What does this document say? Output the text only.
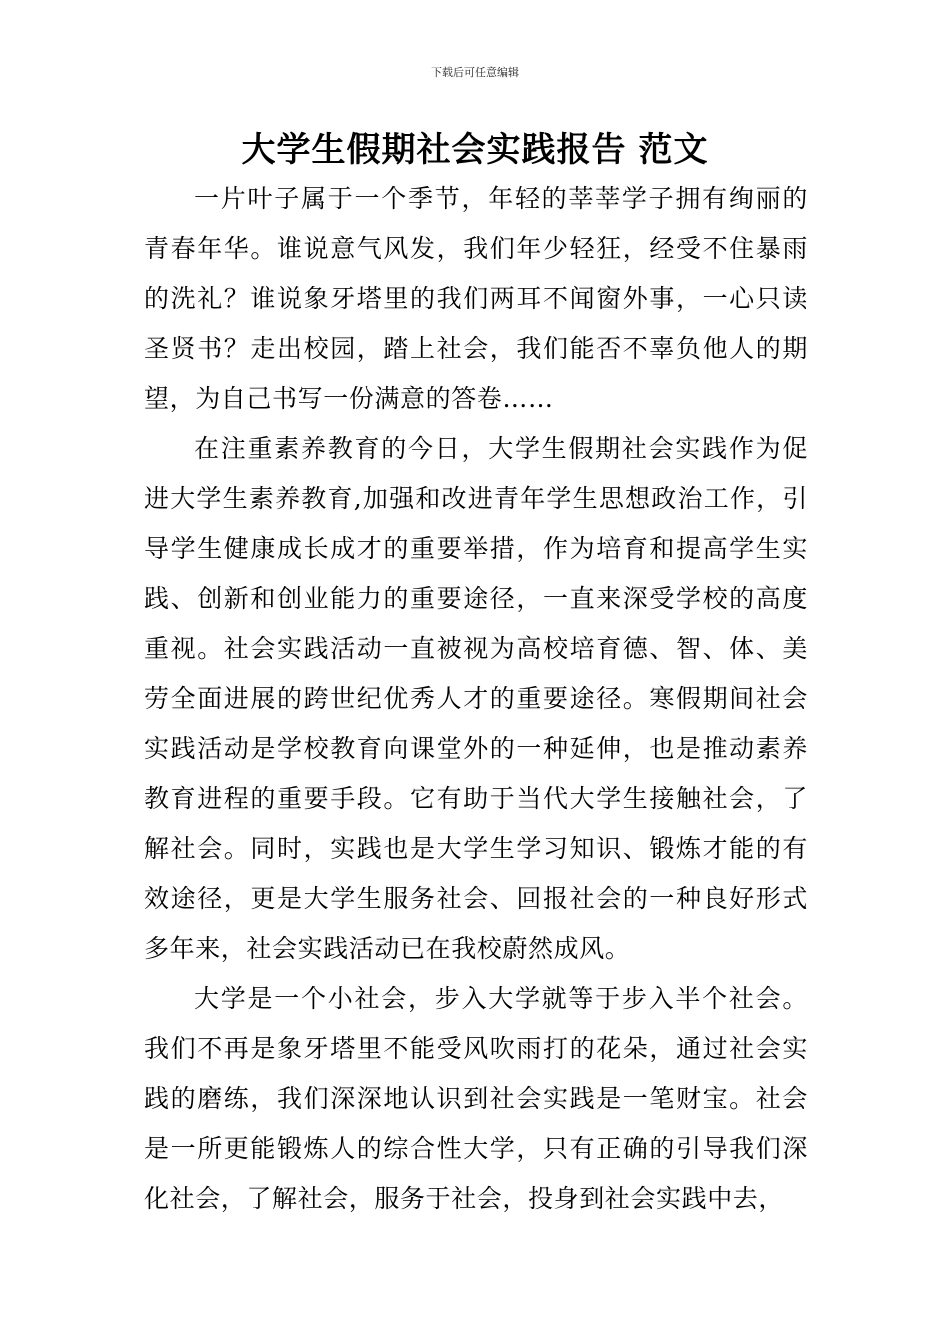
下载后可任意编辑
大学生假期社会实践报告 范文

一片叶子属于一个季节，年轻的莘莘学子拥有绚丽的青春年华。谁说意气风发，我们年少轻狂，经受不住暴雨的洗礼？谁说象牙塔里的我们两耳不闻窗外事，一心只读圣贤书？走出校园，踏上社会，我们能否不辜负他人的期望，为自己书写一份满意的答卷……

在注重素养教育的今日，大学生假期社会实践作为促进大学生素养教育,加强和改进青年学生思想政治工作，引导学生健康成长成才的重要举措，作为培育和提高学生实践、创新和创业能力的重要途径，一直来深受学校的高度重视。社会实践活动一直被视为高校培育德、智、体、美劳全面进展的跨世纪优秀人才的重要途径。寒假期间社会实践活动是学校教育向课堂外的一种延伸，也是推动素养教育进程的重要手段。它有助于当代大学生接触社会，了解社会。同时，实践也是大学生学习知识、锻炼才能的有效途径，更是大学生服务社会、回报社会的一种良好形式多年来，社会实践活动已在我校蔚然成风。

大学是一个小社会，步入大学就等于步入半个社会。我们不再是象牙塔里不能受风吹雨打的花朵，通过社会实践的磨练，我们深深地认识到社会实践是一笔财宝。社会是一所更能锻炼人的综合性大学，只有正确的引导我们深化社会，了解社会，服务于社会，投身到社会实践中去，
